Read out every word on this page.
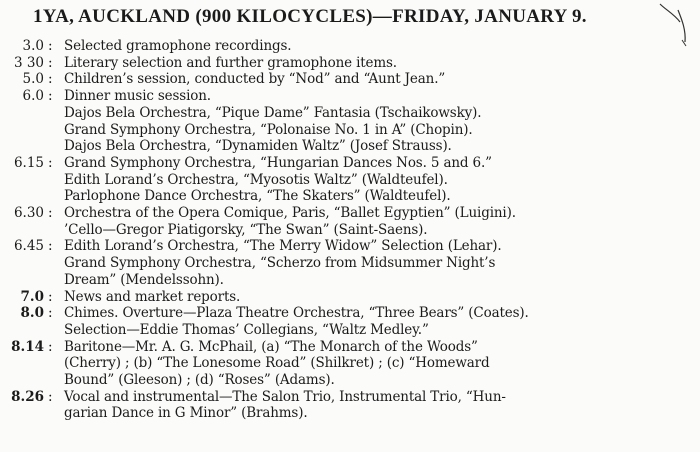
1YA, AUCKLAND (900 KILOCYCLES)—FRIDAY, JANUARY 9.
3.0 : Selected gramophone recordings.
3 30 : Literary selection and further gramophone items.
5.0 : Children’s session, conducted by “Nod” and “Aunt Jean.”
6.0 : Dinner music session.
Dajos Bela Orchestra, “Pique Dame” Fantasia (Tschaikowsky).
Grand Symphony Orchestra, “Polonaise No. 1 in A” (Chopin).
Dajos Bela Orchestra, “Dynamiden Waltz” (Josef Strauss).
6.15 : Grand Symphony Orchestra, “Hungarian Dances Nos. 5 and 6.”
Edith Lorand’s Orchestra, “Myosotis Waltz” (Waldteufel).
Parlophone Dance Orchestra, “The Skaters” (Waldteufel).
6.30 : Orchestra of the Opera Comique, Paris, “Ballet Egyptien” (Luigini).
’Cello—Gregor Piatigorsky, “The Swan” (Saint-Saens).
6.45 : Edith Lorand’s Orchestra, “The Merry Widow” Selection (Lehar).
Grand Symphony Orchestra, “Scherzo from Midsummer Night’s
Dream” (Mendelssohn).
7.0 : News and market reports.
8.0 : Chimes. Overture—Plaza Theatre Orchestra, “Three Bears” (Coates).
Selection—Eddie Thomas’ Collegians, “Waltz Medley.”
8.14 : Baritone—Mr. A. G. McPhail, (a) “The Monarch of the Woods”
(Cherry) ; (b) “The Lonesome Road” (Shilkret) ; (c) “Homeward
Bound” (Gleeson) ; (d) “Roses” (Adams).
8.26 : Vocal and instrumental—The Salon Trio, Instrumental Trio, “Hun-
garian Dance in G Minor” (Brahms).
